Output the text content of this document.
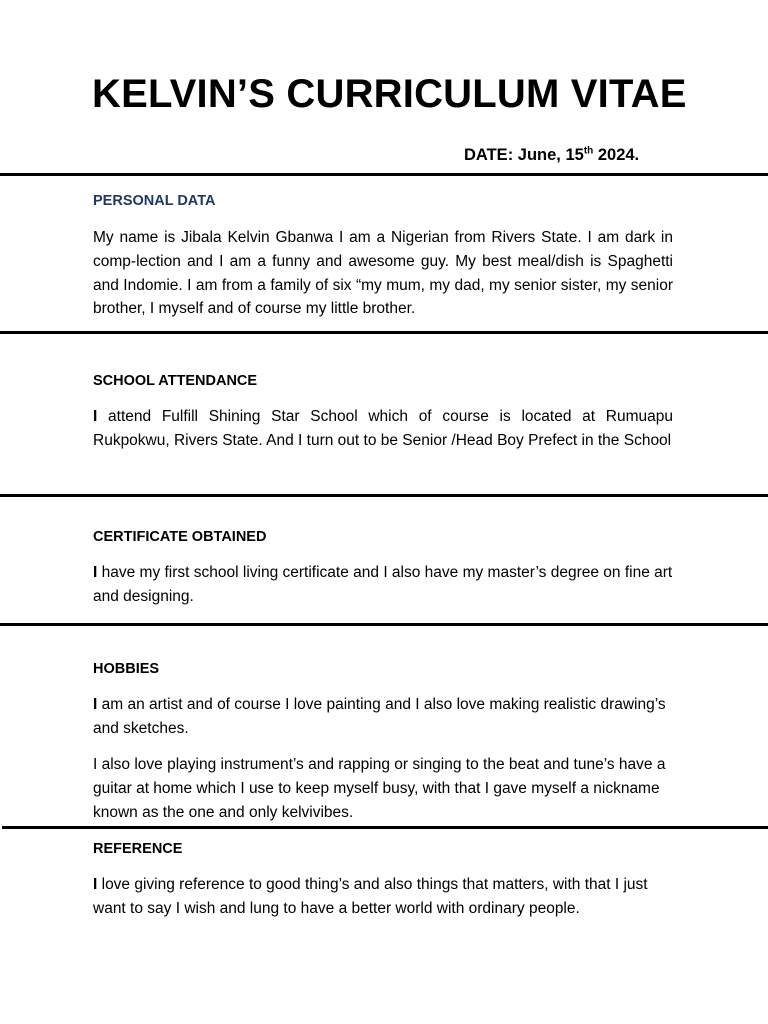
KELVIN’S CURRICULUM VITAE
DATE: June, 15th 2024.
PERSONAL DATA

My name is Jibala Kelvin Gbanwa I am a Nigerian from Rivers State. I am dark in comp-lection and I am a funny and awesome guy. My best meal/dish is Spaghetti and Indomie. I am from a family of six “my mum, my dad, my senior sister, my senior brother, I myself and of course my little brother.

SCHOOL ATTENDANCE

I attend Fulfill Shining Star School which of course is located at Rumuapu Rukpokwu, Rivers State. And I turn out to be Senior /Head Boy Prefect in the School

CERTIFICATE OBTAINED

I have my first school living certificate and I also have my master’s degree on fine art and designing.

HOBBIES

I am an artist and of course I love painting and I also love making realistic drawing’s and sketches.

I also love playing instrument’s and rapping or singing to the beat and tune’s have a guitar at home which I use to keep myself busy, with that I gave myself a nickname known as the one and only kelvivibes.

REFERENCE

I love giving reference to good thing’s and also things that matters, with that I just want to say I wish and lung to have a better world with ordinary people.
